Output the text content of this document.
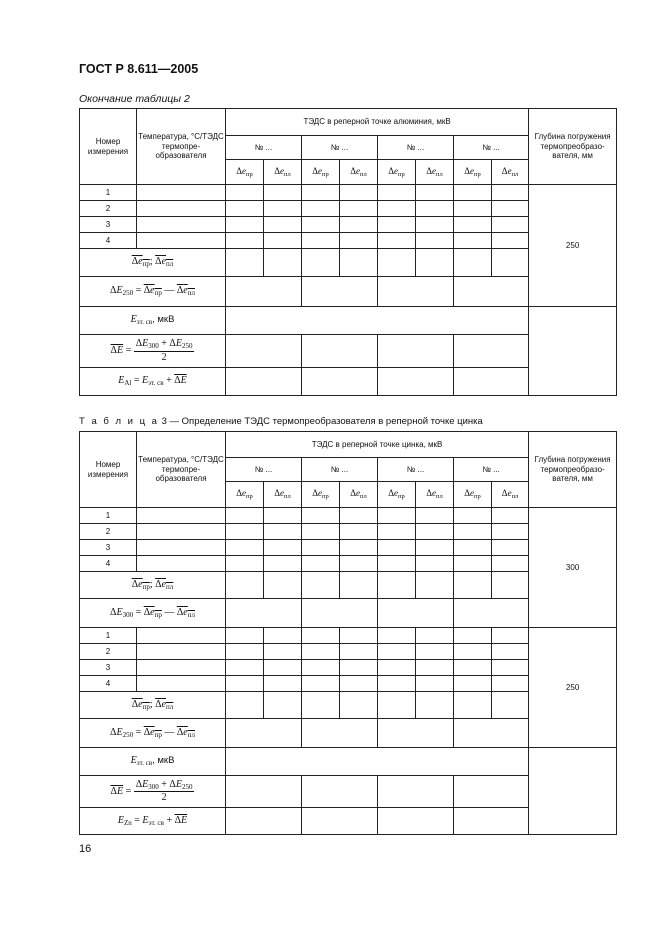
ГОСТ Р 8.611—2005
Окончание таблицы 2
Номер измерения	Температура, °С/ТЭДС термопре-образователя	ТЭДС в реперной точке алюминия, мкВ								Глубина погружения термопреобразо-вателя, мм
		№ ...		№ ...		№ ...		№ ...		
		$\Delta e_{пр}$	$\Delta e_{пл}$	$\Delta e_{пр}$	$\Delta e_{пл}$	$\Delta e_{пр}$	$\Delta e_{пл}$	$\Delta e_{пр}$	$\Delta e_{пл}$
1										250
2										
3										
4										
$\Delta e_{пр}$; $\Delta e_{пл}$								
$\Delta E_{250} = \Delta e_{пр}$ — $\Delta e_{пл}$				
$E_{эт. св}$, мкВ										
$\Delta E = \frac{\Delta E_{300} + \Delta E_{250}}{2}$

$E_{Al} = E_{эт. св} + \Delta E$										
Т а б л и ц а 3 — Определение ТЭДС термопреобразователя в реперной точке цинка
Номер измерения	Температура, °С/ТЭДС термопре-образователя	ТЭДС в реперной точке цинка, мкВ								Глубина погружения термопреобразо-вателя, мм
		№ ...		№ ...		№ ...		№ ...		
		$\Delta e_{пр}$	$\Delta e_{пл}$	$\Delta e_{пр}$	$\Delta e_{пл}$	$\Delta e_{пр}$	$\Delta e_{пл}$	$\Delta e_{пр}$	$\Delta e_{пл}$
1										300
2										
3										
4										
$\Delta e_{пр}$; $\Delta e_{пл}$								
$\Delta E_{300} = \Delta e_{пр}$ — $\Delta e_{пл}$				
1										250
2										
3										
4										
$\Delta e_{пр}$; $\Delta e_{пл}$								
$\Delta E_{250} = \Delta e_{пр}$ — $\Delta e_{пл}$				
$E_{эт. св}$, мкВ										
$\Delta E = \frac{\Delta E_{300} + \Delta E_{250}}{2}$

$E_{Zn} = E_{эт. св} + \Delta E$										
16
